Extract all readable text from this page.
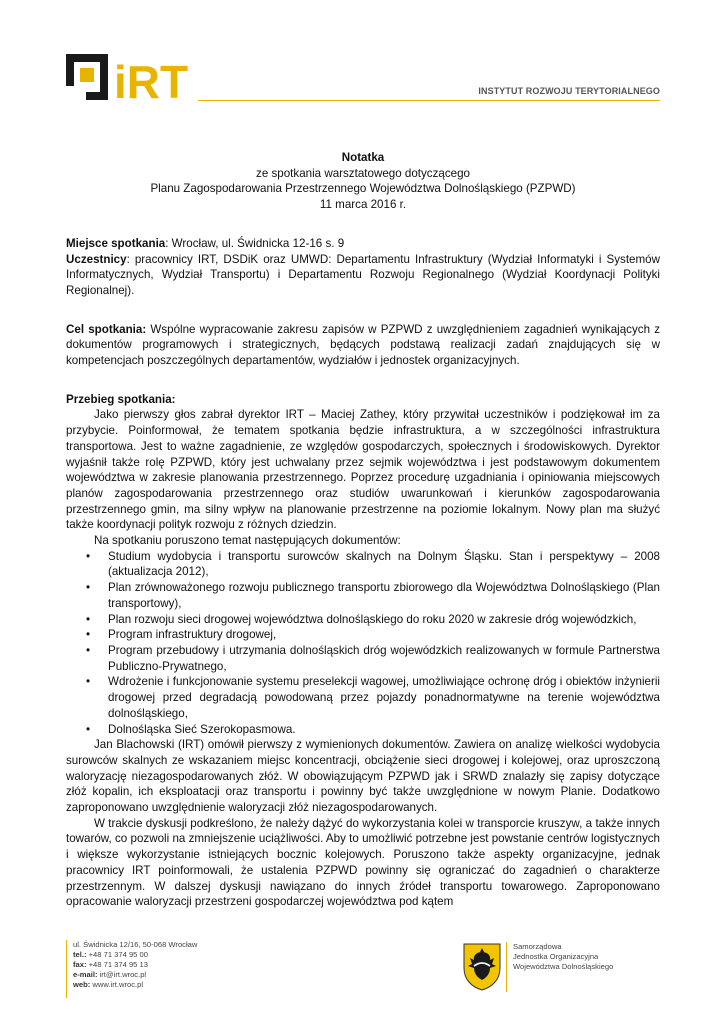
iRT	INSTYTUT ROZWOJU TERYTORIALNEGO
Notatka
ze spotkania warsztatowego dotyczącego
Planu Zagospodarowania Przestrzennego Województwa Dolnośląskiego (PZPWD)
11 marca 2016 r.
Miejsce spotkania: Wrocław, ul. Świdnicka 12-16 s. 9
Uczestnicy: pracownicy IRT, DSDiK oraz UMWD: Departamentu Infrastruktury (Wydział Informatyki i Systemów Informatycznych, Wydział Transportu) i Departamentu Rozwoju Regionalnego (Wydział Koordynacji Polityki Regionalnej).
Cel spotkania: Wspólne wypracowanie zakresu zapisów w PZPWD z uwzględnieniem zagadnień wynikających z dokumentów programowych i strategicznych, będących podstawą realizacji zadań znajdujących się w kompetencjach poszczególnych departamentów, wydziałów i jednostek organizacyjnych.
Przebieg spotkania:

Jako pierwszy głos zabrał dyrektor IRT – Maciej Zathey, który przywitał uczestników i podziękował im za przybycie. Poinformował, że tematem spotkania będzie infrastruktura, a w szczególności infrastruktura transportowa. Jest to ważne zagadnienie, ze względów gospodarczych, społecznych i środowiskowych. Dyrektor wyjaśnił także rolę PZPWD, który jest uchwalany przez sejmik województwa i jest podstawowym dokumentem województwa w zakresie planowania przestrzennego. Poprzez procedurę uzgadniania i opiniowania miejscowych planów zagospodarowania przestrzennego oraz studiów uwarunkowań i kierunków zagospodarowania przestrzennego gmin, ma silny wpływ na planowanie przestrzenne na poziomie lokalnym. Nowy plan ma służyć także koordynacji polityk rozwoju z różnych dziedzin.

Na spotkaniu poruszono temat następujących dokumentów:

• Studium wydobycia i transportu surowców skalnych na Dolnym Śląsku. Stan i perspektywy – 2008 (aktualizacja 2012),
• Plan zrównoważonego rozwoju publicznego transportu zbiorowego dla Województwa Dolnośląskiego (Plan transportowy),
• Plan rozwoju sieci drogowej województwa dolnośląskiego do roku 2020 w zakresie dróg wojewódzkich,
• Program infrastruktury drogowej,
• Program przebudowy i utrzymania dolnośląskich dróg wojewódzkich realizowanych w formule Partnerstwa Publiczno-Prywatnego,
• Wdrożenie i funkcjonowanie systemu preselekcji wagowej, umożliwiające ochronę dróg i obiektów inżynierii drogowej przed degradacją powodowaną przez pojazdy ponadnormatywne na terenie województwa dolnośląskiego,
• Dolnośląska Sieć Szerokopasmowa.

Jan Blachowski (IRT) omówił pierwszy z wymienionych dokumentów. Zawiera on analizę wielkości wydobycia surowców skalnych ze wskazaniem miejsc koncentracji, obciążenie sieci drogowej i kolejowej, oraz uproszczoną waloryzację niezagospodarowanych złóż. W obowiązującym PZPWD jak i SRWD znalazły się zapisy dotyczące złóż kopalin, ich eksploatacji oraz transportu i powinny być także uwzględnione w nowym Planie. Dodatkowo zaproponowano uwzględnienie waloryzacji złóż niezagospodarowanych.

W trakcie dyskusji podkreślono, że należy dążyć do wykorzystania kolei w transporcie kruszyw, a także innych towarów, co pozwoli na zmniejszenie uciążliwości. Aby to umożliwić potrzebne jest powstanie centrów logistycznych i większe wykorzystanie istniejących bocznic kolejowych. Poruszono także aspekty organizacyjne, jednak pracownicy IRT poinformowali, że ustalenia PZPWD powinny się ograniczać do zagadnień o charakterze przestrzennym. W dalszej dyskusji nawiązano do innych źródeł transportu towarowego. Zaproponowano opracowanie waloryzacji przestrzeni gospodarczej województwa pod kątem

ul. Świdnicka 12/16, 50-068 Wrocław
tel.: +48 71 374 95 00
fax: +48 71 374 95 13
e-mail: irt@irt.wroc.pl
web: www.irt.wroc.pl
Samorządowa
Jednostka Organizacyjna
Województwa Dolnośląskiego
